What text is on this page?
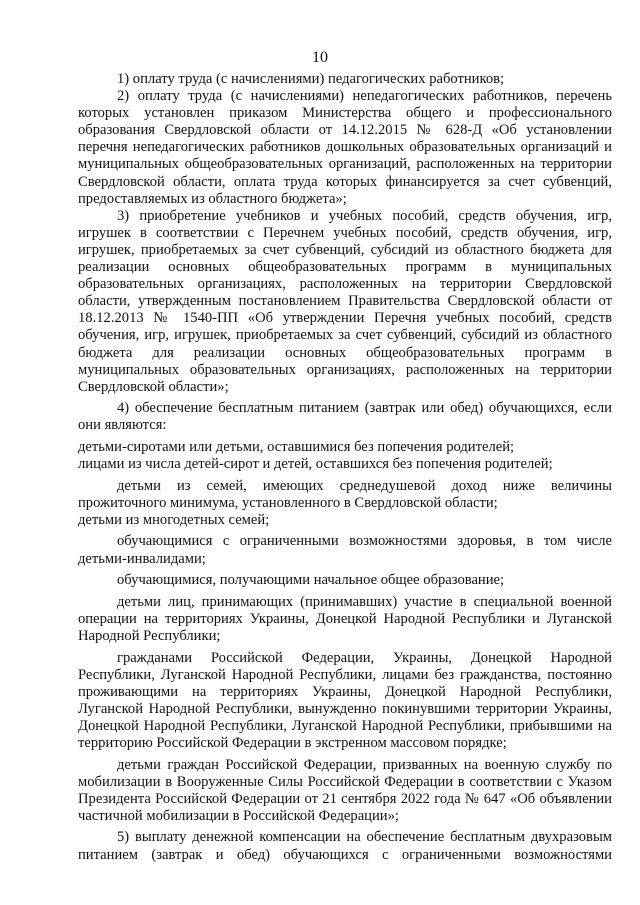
10

1) оплату труда (с начислениями) педагогических работников;

2) оплату труда (с начислениями) непедагогических работников, перечень которых установлен приказом Министерства общего и профессионального образования Свердловской области от 14.12.2015 № 628-Д «Об установлении перечня непедагогических работников дошкольных образовательных организаций и муниципальных общеобразовательных организаций, расположенных на территории Свердловской области, оплата труда которых финансируется за счет субвенций, предоставляемых из областного бюджета»;

3) приобретение учебников и учебных пособий, средств обучения, игр, игрушек в соответствии с Перечнем учебных пособий, средств обучения, игр, игрушек, приобретаемых за счет субвенций, субсидий из областного бюджета для реализации основных общеобразовательных программ в муниципальных образовательных организациях, расположенных на территории Свердловской области, утвержденным постановлением Правительства Свердловской области от 18.12.2013 № 1540-ПП «Об утверждении Перечня учебных пособий, средств обучения, игр, игрушек, приобретаемых за счет субвенций, субсидий из областного бюджета для реализации основных общеобразовательных программ в муниципальных образовательных организациях, расположенных на территории Свердловской области»;

4) обеспечение бесплатным питанием (завтрак или обед) обучающихся, если они являются:

детьми-сиротами или детьми, оставшимися без попечения родителей;

лицами из числа детей-сирот и детей, оставшихся без попечения родителей;

детьми из семей, имеющих среднедушевой доход ниже величины прожиточного минимума, установленного в Свердловской области;

детьми из многодетных семей;

обучающимися с ограниченными возможностями здоровья, в том числе детьми-инвалидами;

обучающимися, получающими начальное общее образование;

детьми лиц, принимающих (принимавших) участие в специальной военной операции на территориях Украины, Донецкой Народной Республики и Луганской Народной Республики;

гражданами Российской Федерации, Украины, Донецкой Народной Республики, Луганской Народной Республики, лицами без гражданства, постоянно проживающими на территориях Украины, Донецкой Народной Республики, Луганской Народной Республики, вынужденно покинувшими территории Украины, Донецкой Народной Республики, Луганской Народной Республики, прибывшими на территорию Российской Федерации в экстренном массовом порядке;

детьми граждан Российской Федерации, призванных на военную службу по мобилизации в Вооруженные Силы Российской Федерации в соответствии с Указом Президента Российской Федерации от 21 сентября 2022 года № 647 «Об объявлении частичной мобилизации в Российской Федерации»;

5) выплату денежной компенсации на обеспечение бесплатным двухразовым питанием (завтрак и обед) обучающихся с ограниченными возможностями
